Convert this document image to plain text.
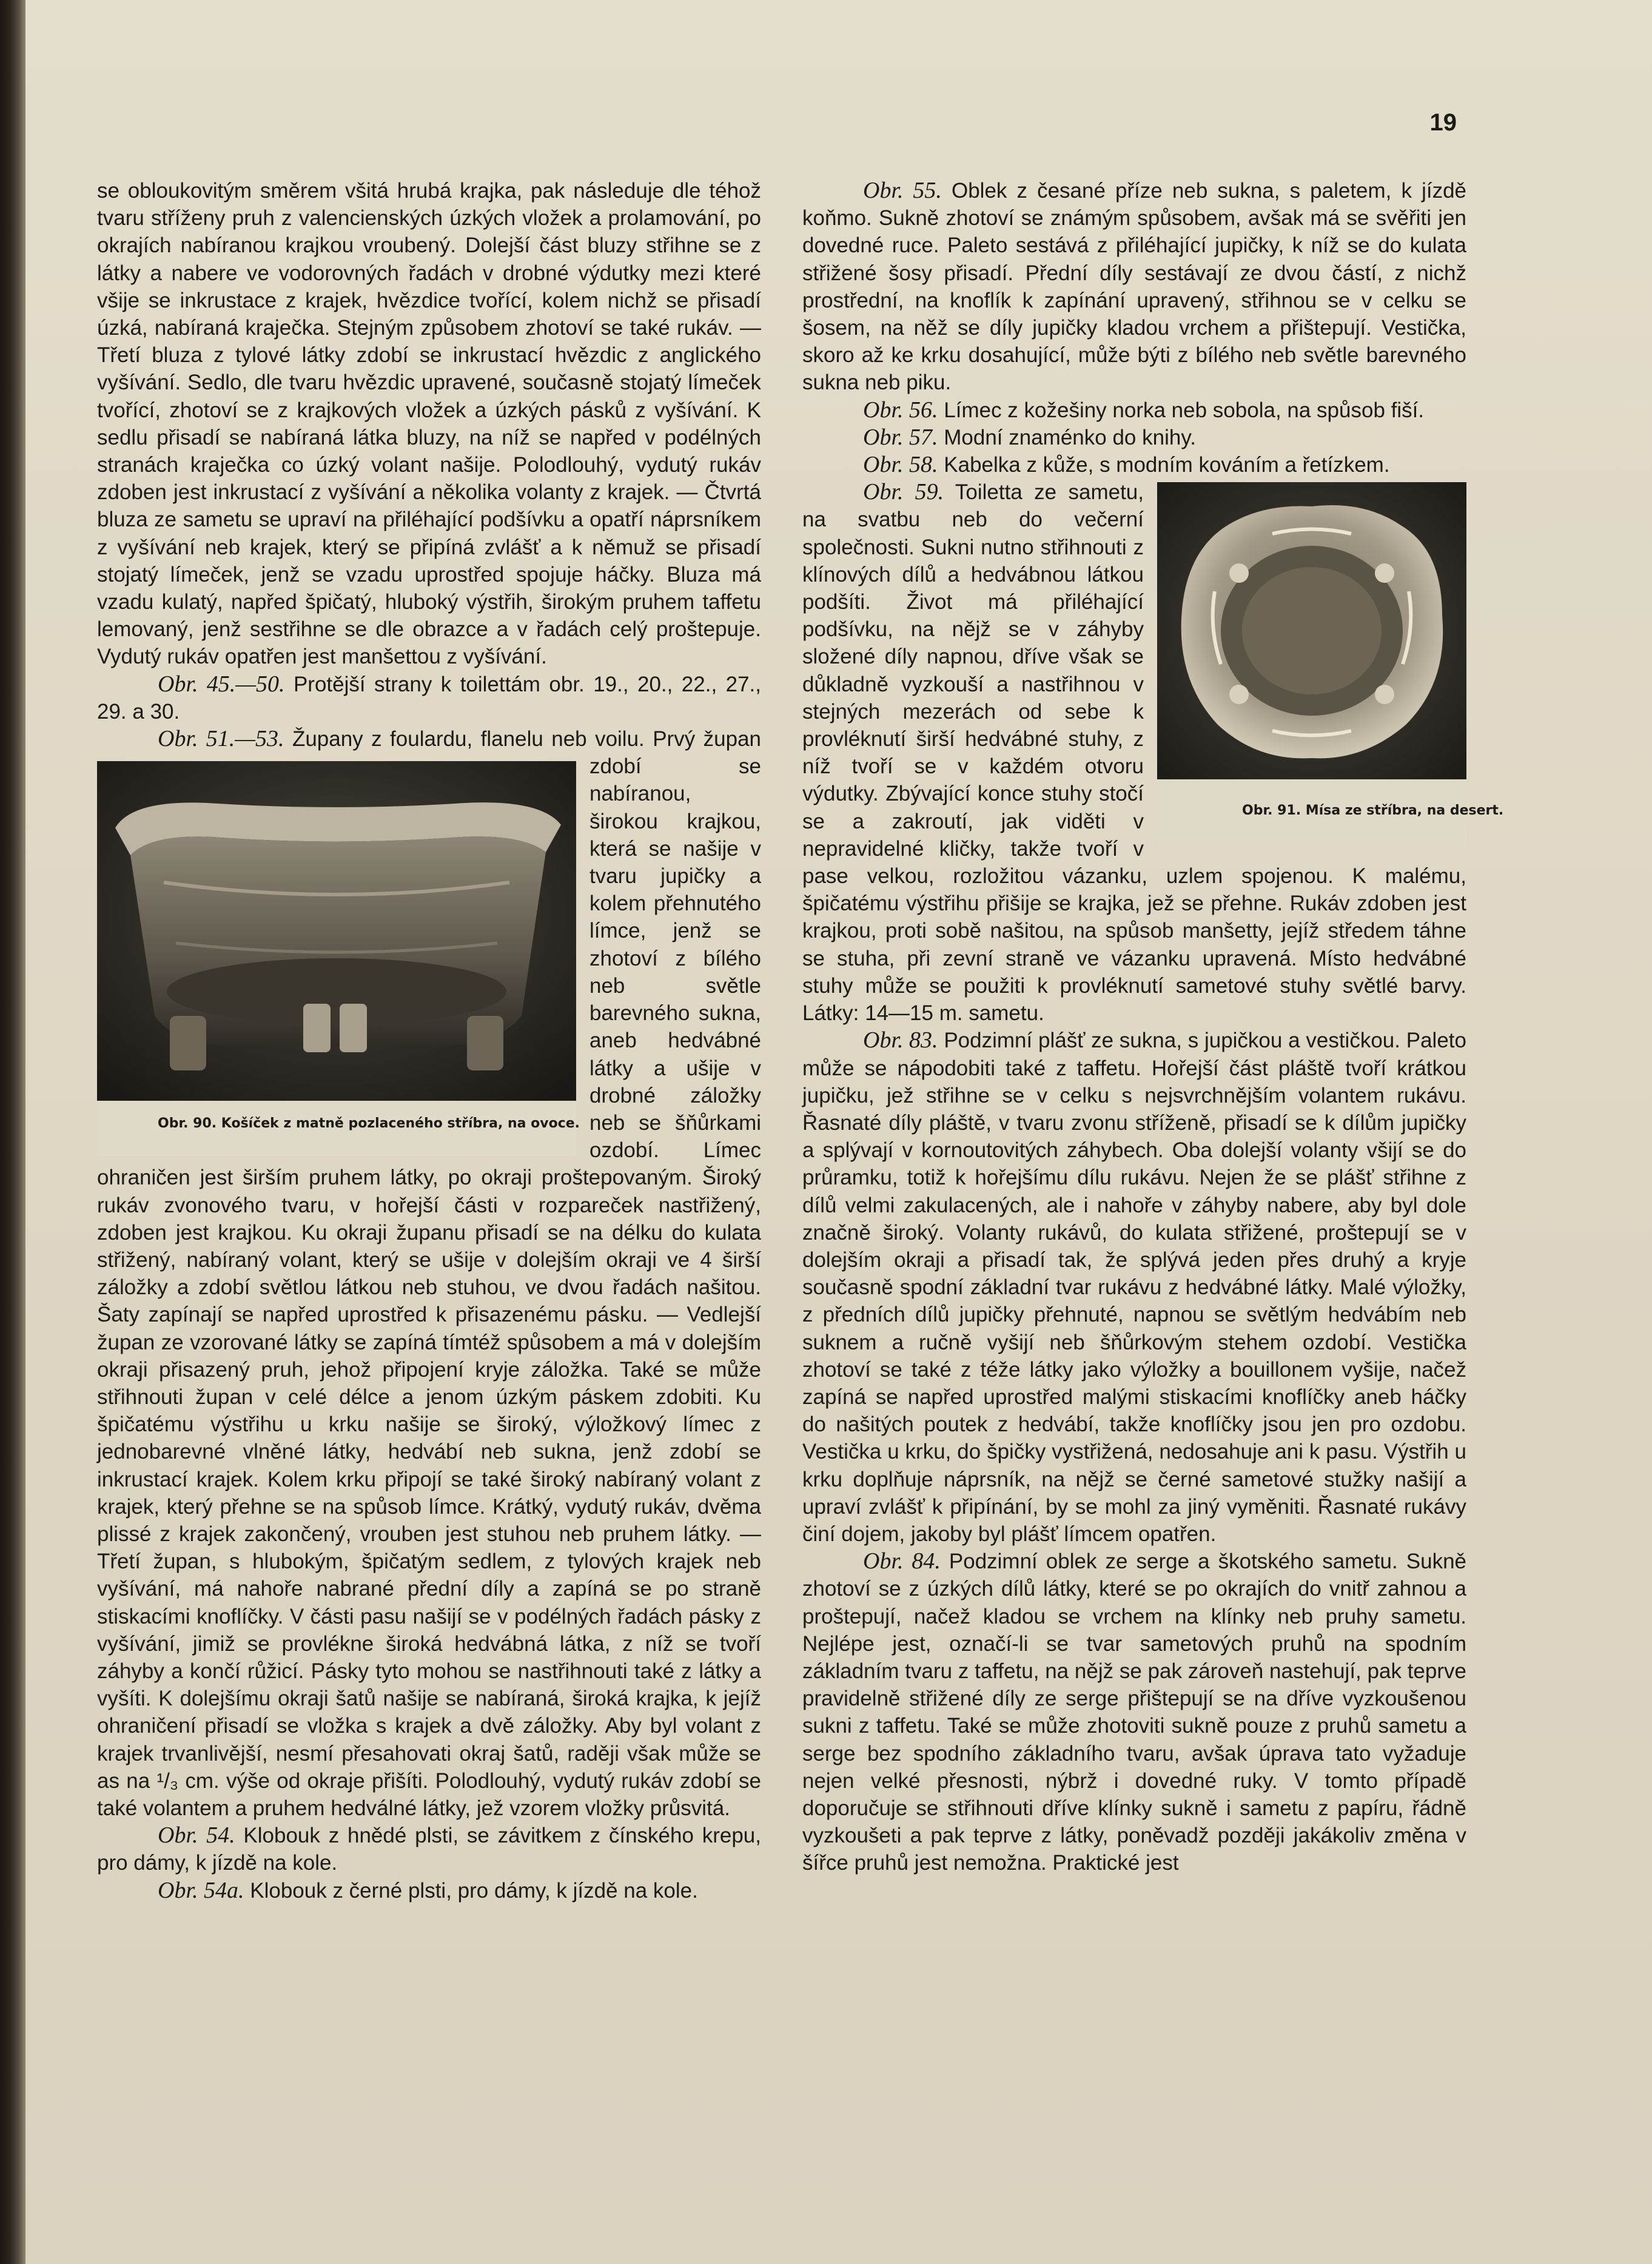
19

se obloukovitým směrem všitá hrubá krajka, pak následuje dle téhož tvaru stříženy pruh z valencienských úzkých vložek a prolamování, po okrajích nabíranou krajkou vroubený. Dolejší část bluzy střihne se z látky a nabere ve vodorovných řadách v drobné výdutky mezi které všije se inkrustace z krajek, hvězdice tvořící, kolem nichž se přisadí úzká, nabíraná kraječka. Stejným způsobem zhotoví se také rukáv. — Třetí bluza z tylové látky zdobí se inkrustací hvězdic z anglického vyšívání. Sedlo, dle tvaru hvězdic upravené, současně stojatý límeček tvořící, zhotoví se z krajkových vložek a úzkých pásků z vyšívání. K sedlu přisadí se nabíraná látka bluzy, na níž se napřed v podélných stranách kraječka co úzký volant našije. Polodlouhý, vydutý rukáv zdoben jest inkrustací z vyšívání a několika volanty z krajek. — Čtvrtá bluza ze sametu se upraví na přiléhající podšívku a opatří náprsníkem z vyšívání neb krajek, který se připíná zvlášť a k němuž se přisadí stojatý límeček, jenž se vzadu uprostřed spojuje háčky. Bluza má vzadu kulatý, napřed špičatý, hluboký výstřih, širokým pruhem taffetu lemovaný, jenž sestřihne se dle obrazce a v řadách celý proštepuje. Vydutý rukáv opatřen jest manšettou z vyšívání.

Obr. 45.—50. Protější strany k toilettám obr. 19., 20., 22., 27., 29. a 30.

Obr. 51.—53.
Obr. 90. Košíček z matně pozlaceného stříbra, na ovoce.
Župany z foulardu, flanelu neb voilu. Prvý župan zdobí se nabíranou, širokou krajkou, která se našije v tvaru jupičky a kolem přehnutého límce, jenž se zhotoví z bílého neb světle barevného sukna, aneb hedvábné látky a ušije v drobné záložky neb se šňůrkami ozdobí. Límec ohraničen jest širším pruhem látky, po okraji proštepovaným. Široký rukáv zvonového tvaru, v hořejší části v rozpareček nastřižený, zdoben jest krajkou. Ku okraji županu přisadí se na délku do kulata střižený, nabíraný volant, který se ušije v dolejším okraji ve 4 širší záložky a zdobí světlou látkou neb stuhou, ve dvou řadách našitou. Šaty zapínají se napřed uprostřed k přisazenému pásku. — Vedlejší župan ze vzorované látky se zapíná tímtéž spůsobem a má v dolejším okraji přisazený pruh, jehož připojení kryje záložka. Také se může střihnouti župan v celé délce a jenom úzkým páskem zdobiti. Ku špičatému výstřihu u krku našije se široký, výložkový límec z jednobarevné vlněné látky, hedvábí neb sukna, jenž zdobí se inkrustací krajek. Kolem krku připojí se také široký nabíraný volant z krajek, který přehne se na spůsob límce. Krátký, vydutý rukáv, dvěma plissé z krajek zakončený, vrouben jest stuhou neb pruhem látky. — Třetí župan, s hlubokým, špičatým sedlem, z tylových krajek neb vyšívání, má nahoře nabrané přední díly a zapíná se po straně stiskacími knoflíčky. V části pasu našijí se v podélných řadách pásky z vyšívání, jimiž se provlékne široká hedvábná látka, z níž se tvoří záhyby a končí růžicí. Pásky tyto mohou se nastřihnouti také z látky a vyšíti. K dolejšímu okraji šatů našije se nabíraná, široká krajka, k jejíž ohraničení přisadí se vložka s krajek a dvě záložky. Aby byl volant z krajek trvanlivější, nesmí přesahovati okraj šatů, raději však může se as na ¹/₃ cm. výše od okraje přišíti. Polodlouhý, vydutý rukáv zdobí se také volantem a pruhem hedválné látky, jež vzorem vložky průsvitá.

Obr. 54. Klobouk z hnědé plsti, se závitkem z čínského krepu, pro dámy, k jízdě na kole.

Obr. 54a. Klobouk z černé plsti, pro dámy, k jízdě na kole.

Obr. 55. Oblek z česané příze neb sukna, s paletem, k jízdě koňmo. Sukně zhotoví se známým spůsobem, avšak má se svěřiti jen dovedné ruce. Paleto sestává z přiléhající jupičky, k níž se do kulata střižené šosy přisadí. Přední díly sestávají ze dvou částí, z nichž prostřední, na knoflík k zapínání upravený, střihnou se v celku se šosem, na něž se díly jupičky kladou vrchem a přištepují. Vestička, skoro až ke krku dosahující, může býti z bílého neb světle barevného sukna neb piku.

Obr. 56. Límec z kožešiny norka neb sobola, na spůsob fiší.

Obr. 57. Modní znaménko do knihy.

Obr. 58. Kabelka z kůže, s modním kováním a řetízkem.

Obr. 91. Mísa ze stříbra, na desert.
Obr. 59. Toiletta ze sametu, na svatbu neb do večerní společnosti. Sukni nutno střihnouti z klínových dílů a hedvábnou látkou podšíti. Život má přiléhající podšívku, na nějž se v záhyby složené díly napnou, dříve však se důkladně vyzkouší a nastřihnou v stejných mezerách od sebe k provléknutí širší hedvábné stuhy, z níž tvoří se v každém otvoru výdutky. Zbývající konce stuhy stočí se a zakroutí, jak viděti v nepravidelné kličky, takže tvoří v pase velkou, rozložitou vázanku, uzlem spojenou. K malému, špičatému výstřihu přišije se krajka, jež se přehne. Rukáv zdoben jest krajkou, proti sobě našitou, na spůsob manšetty, jejíž středem táhne se stuha, při zevní straně ve vázanku upravená. Místo hedvábné stuhy může se použiti k provléknutí sametové stuhy světlé barvy. Látky: 14—15 m. sametu.

Obr. 83. Podzimní plášť ze sukna, s jupičkou a vestičkou. Paleto může se nápodobiti také z taffetu. Hořejší část pláště tvoří krátkou jupičku, jež střihne se v celku s nejsvrchnějším volantem rukávu. Řasnaté díly pláště, v tvaru zvonu stříženě, přisadí se k dílům jupičky a splývají v kornoutovitých záhybech. Oba dolejší volanty všijí se do průramku, totiž k hořejšímu dílu rukávu. Nejen že se plášť střihne z dílů velmi zakulacených, ale i nahoře v záhyby nabere, aby byl dole značně široký. Volanty rukávů, do kulata střižené, proštepují se v dolejším okraji a přisadí tak, že splývá jeden přes druhý a kryje současně spodní základní tvar rukávu z hedvábné látky. Malé výložky, z předních dílů jupičky přehnuté, napnou se světlým hedvábím neb suknem a ručně vyšijí neb šňůrkovým stehem ozdobí. Vestička zhotoví se také z téže látky jako výložky a bouillonem vyšije, načež zapíná se napřed uprostřed malými stiskacími knoflíčky aneb háčky do našitých poutek z hedvábí, takže knoflíčky jsou jen pro ozdobu. Vestička u krku, do špičky vystřižená, nedosahuje ani k pasu. Výstřih u krku doplňuje náprsník, na nějž se černé sametové stužky našijí a upraví zvlášť k připínání, by se mohl za jiný vyměniti. Řasnaté rukávy činí dojem, jakoby byl plášť límcem opatřen.

Obr. 84. Podzimní oblek ze serge a škotského sametu. Sukně zhotoví se z úzkých dílů látky, které se po okrajích do vnitř zahnou a proštepují, načež kladou se vrchem na klínky neb pruhy sametu. Nejlépe jest, označí-li se tvar sametových pruhů na spodním základním tvaru z taffetu, na nějž se pak zároveň nastehují, pak teprve pravidelně střižené díly ze serge přištepují se na dříve vyzkoušenou sukni z taffetu. Také se může zhotoviti sukně pouze z pruhů sametu a serge bez spodního základního tvaru, avšak úprava tato vyžaduje nejen velké přesnosti, nýbrž i dovedné ruky. V tomto případě doporučuje se střihnouti dříve klínky sukně i sametu z papíru, řádně vyzkoušeti a pak teprve z látky, poněvadž později jakákoliv změna v šířce pruhů jest nemožna. Praktické jest
